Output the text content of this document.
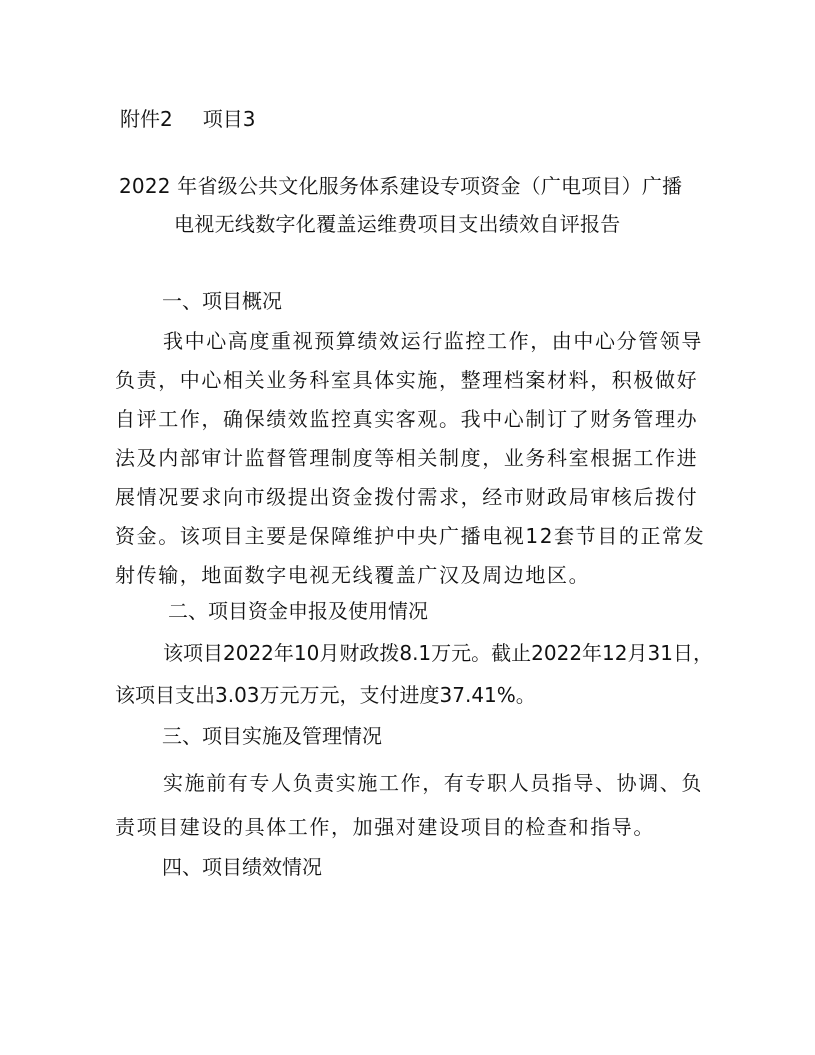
附件2 项目3
2022 年省级公共文化服务体系建设专项资金（广电项目）广播
电视无线数字化覆盖运维费项目支出绩效自评报告
一、项目概况
我中心高度重视预算绩效运行监控工作，由中心分管领导
负责，中心相关业务科室具体实施，整理档案材料，积极做好
自评工作，确保绩效监控真实客观。我中心制订了财务管理办
法及内部审计监督管理制度等相关制度，业务科室根据工作进
展情况要求向市级提出资金拨付需求，经市财政局审核后拨付
资金。该项目主要是保障维护中央广播电视12套节目的正常发
射传输，地面数字电视无线覆盖广汉及周边地区。
二、项目资金申报及使用情况
该项目2022年10月财政拨8.1万元。截止2022年12月31日，
该项目支出3.03万元万元，支付进度37.41%。
三、项目实施及管理情况
实施前有专人负责实施工作，有专职人员指导、协调、负
责项目建设的具体工作，加强对建设项目的检查和指导。
四、项目绩效情况
